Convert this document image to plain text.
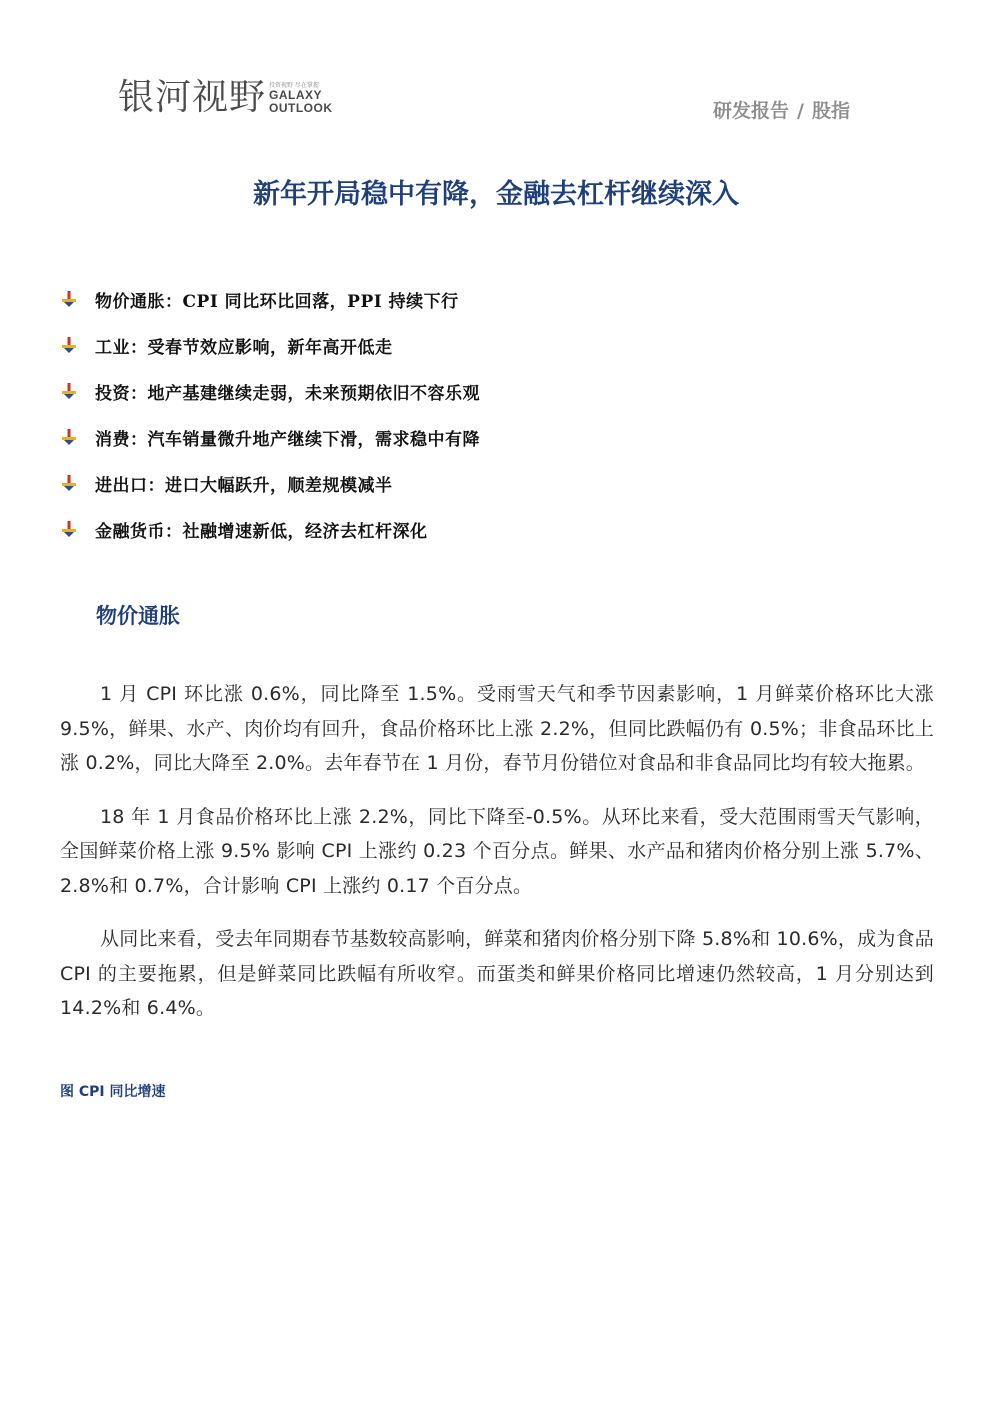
银河视野 投资视野 尽在掌握
GALAXY
OUTLOOK	研发报告 / 股指
新年开局稳中有降，金融去杠杆继续深入
物价通胀：CPI 同比环比回落，PPI 持续下行
工业：受春节效应影响，新年高开低走
投资：地产基建继续走弱，未来预期依旧不容乐观
消费：汽车销量微升地产继续下滑，需求稳中有降
进出口：进口大幅跃升，顺差规模减半
金融货币：社融增速新低，经济去杠杆深化
物价通胀

1 月 CPI 环比涨 0.6%，同比降至 1.5%。受雨雪天气和季节因素影响，1 月鲜菜价格环比大涨 9.5%，鲜果、水产、肉价均有回升，食品价格环比上涨 2.2%，但同比跌幅仍有 0.5%；非食品环比上涨 0.2%，同比大降至 2.0%。去年春节在 1 月份，春节月份错位对食品和非食品同比均有较大拖累。

18 年 1 月食品价格环比上涨 2.2%，同比下降至-0.5%。从环比来看，受大范围雨雪天气影响，全国鲜菜价格上涨 9.5% 影响 CPI 上涨约 0.23 个百分点。鲜果、水产品和猪肉价格分别上涨 5.7%、2.8%和 0.7%，合计影响 CPI 上涨约 0.17 个百分点。

从同比来看，受去年同期春节基数较高影响，鲜菜和猪肉价格分别下降 5.8%和 10.6%，成为食品 CPI 的主要拖累，但是鲜菜同比跌幅有所收窄。而蛋类和鲜果价格同比增速仍然较高，1 月分别达到 14.2%和 6.4%。

图 CPI 同比增速
